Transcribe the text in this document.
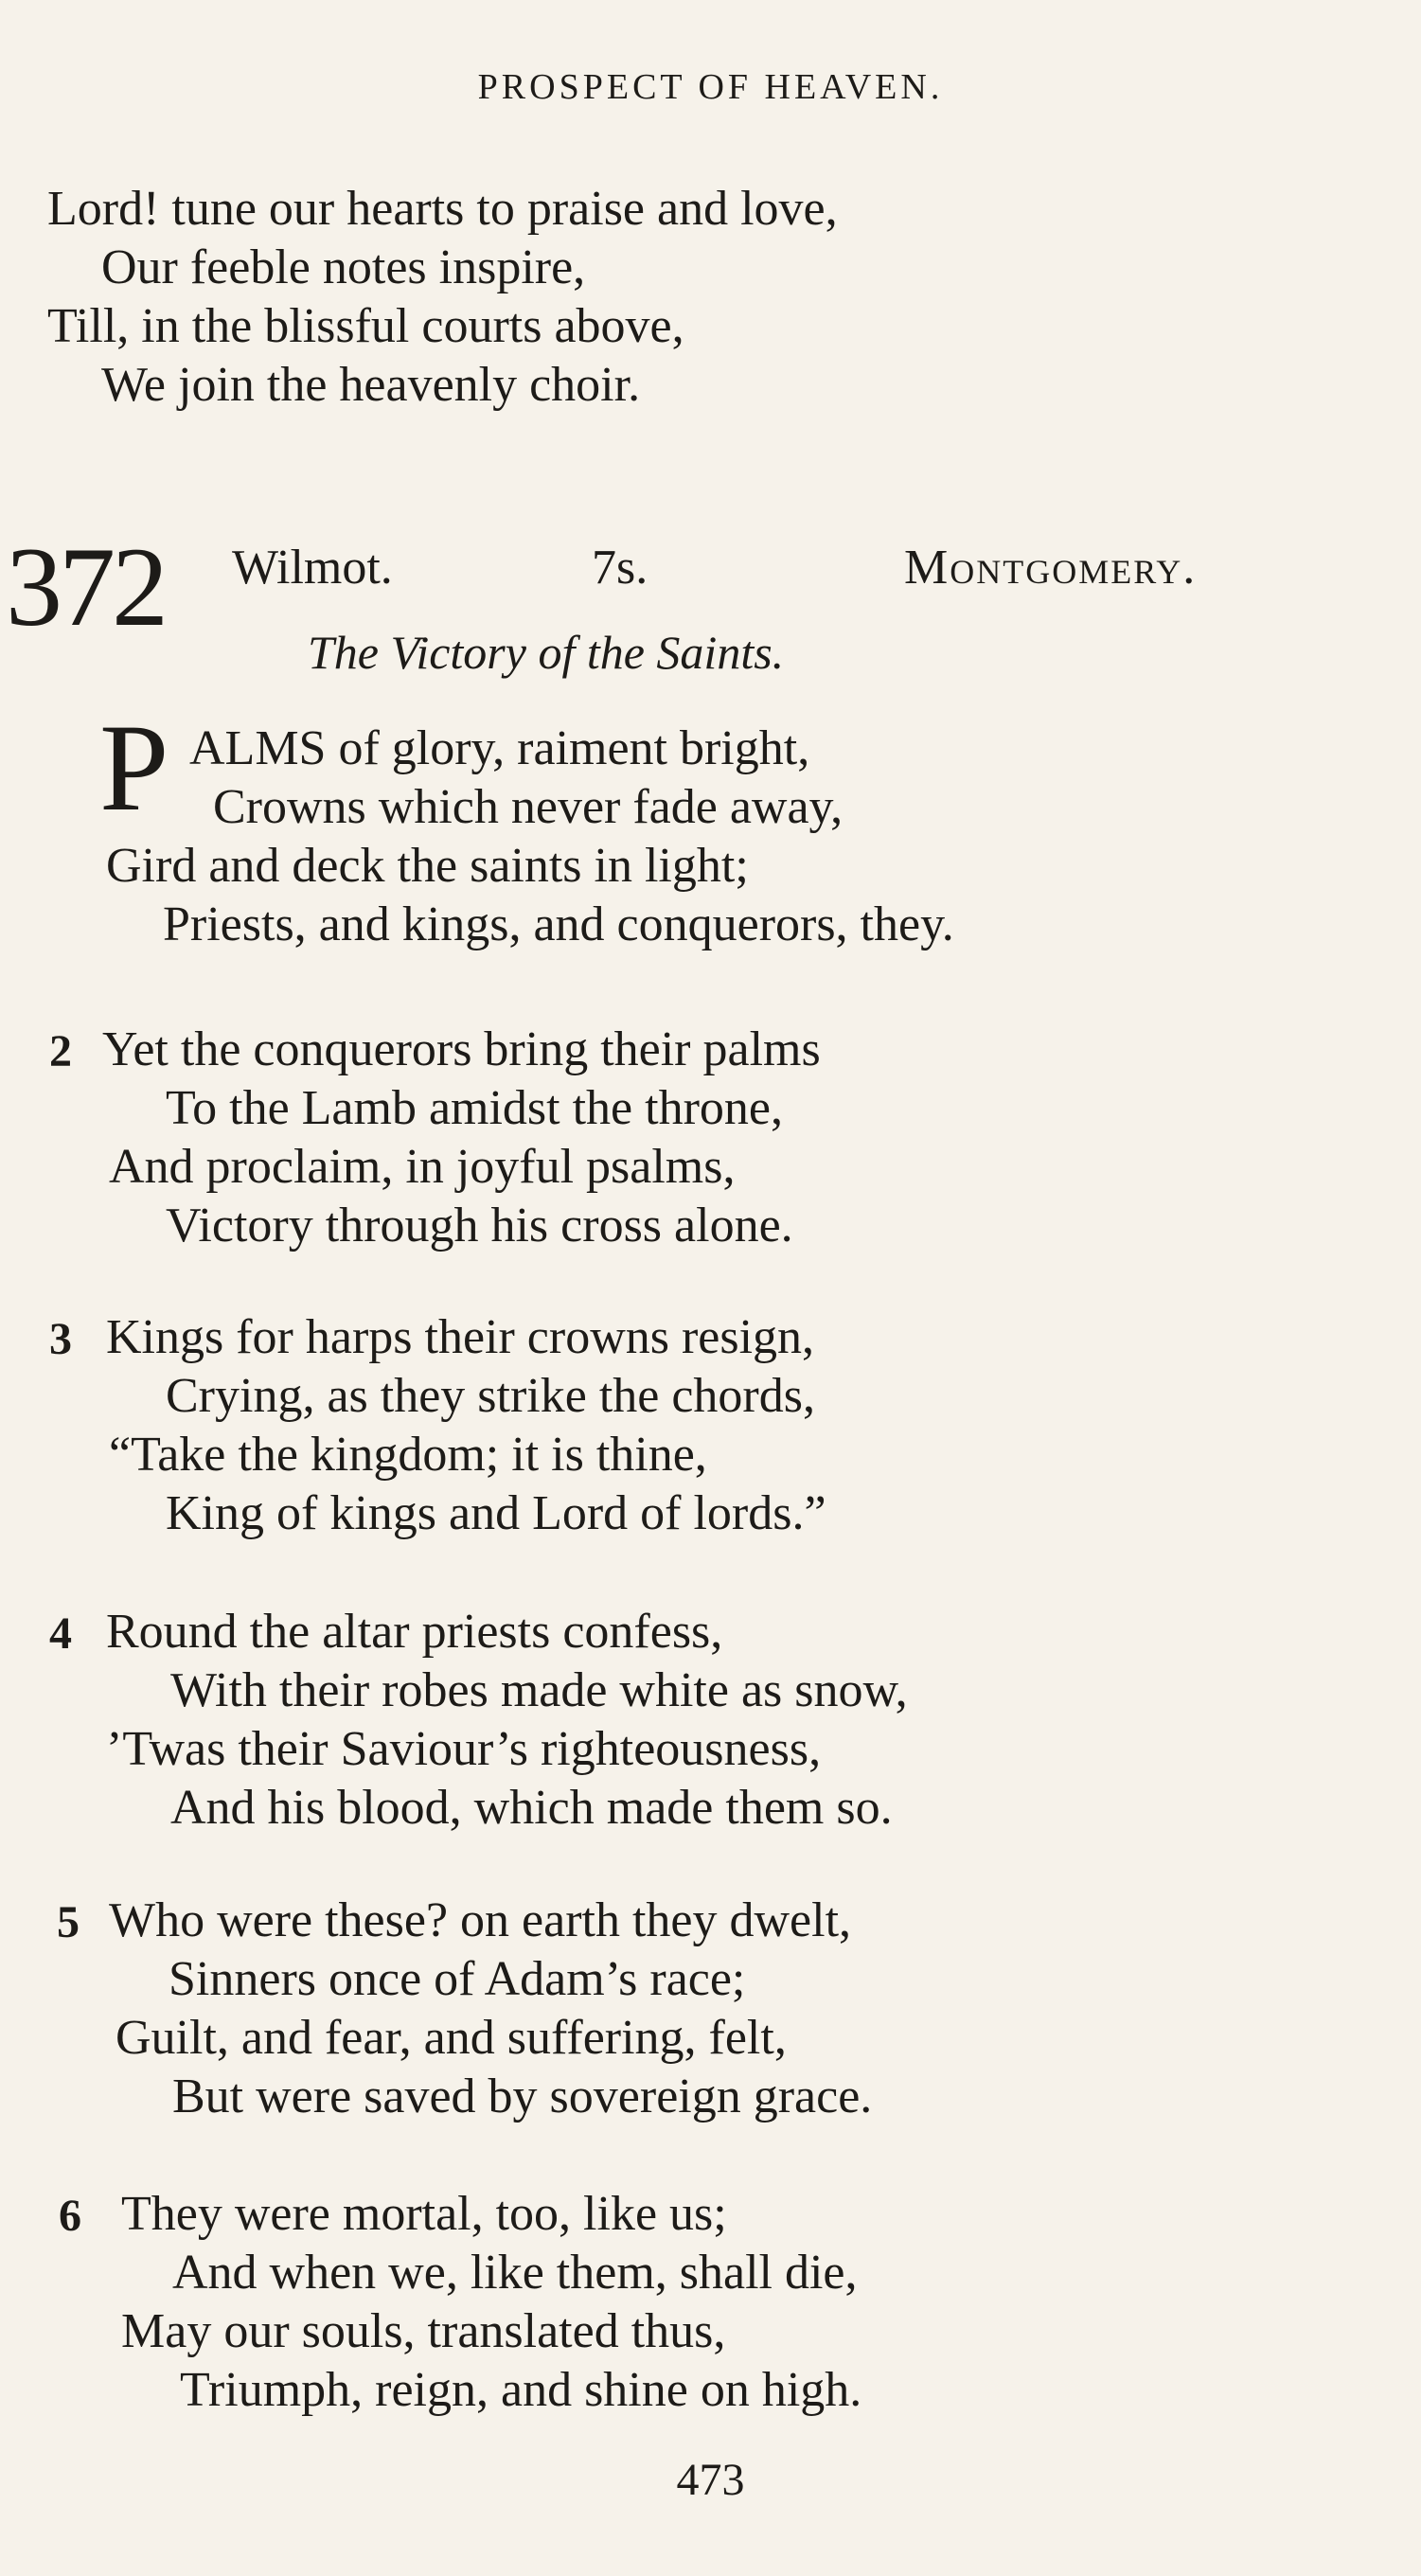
PROSPECT OF HEAVEN.
Lord! tune our hearts to praise and love,
Our feeble notes inspire,
Till, in the blissful courts above,
We join the heavenly choir.
372 Wilmot.	7s.	Montgomery.
The Victory of the Saints.
P ALMS of glory, raiment bright,
Crowns which never fade away,
Gird and deck the saints in light;
Priests, and kings, and conquerors, they.
2 Yet the conquerors bring their palms
To the Lamb amidst the throne,
And proclaim, in joyful psalms,
Victory through his cross alone.
3 Kings for harps their crowns resign,
Crying, as they strike the chords,
“Take the kingdom; it is thine,
King of kings and Lord of lords.”
4 Round the altar priests confess,
With their robes made white as snow,
’Twas their Saviour’s righteousness,
And his blood, which made them so.
5 Who were these? on earth they dwelt,
Sinners once of Adam’s race;
Guilt, and fear, and suffering, felt,
But were saved by sovereign grace.
6 They were mortal, too, like us;
And when we, like them, shall die,
May our souls, translated thus,
Triumph, reign, and shine on high.
473
